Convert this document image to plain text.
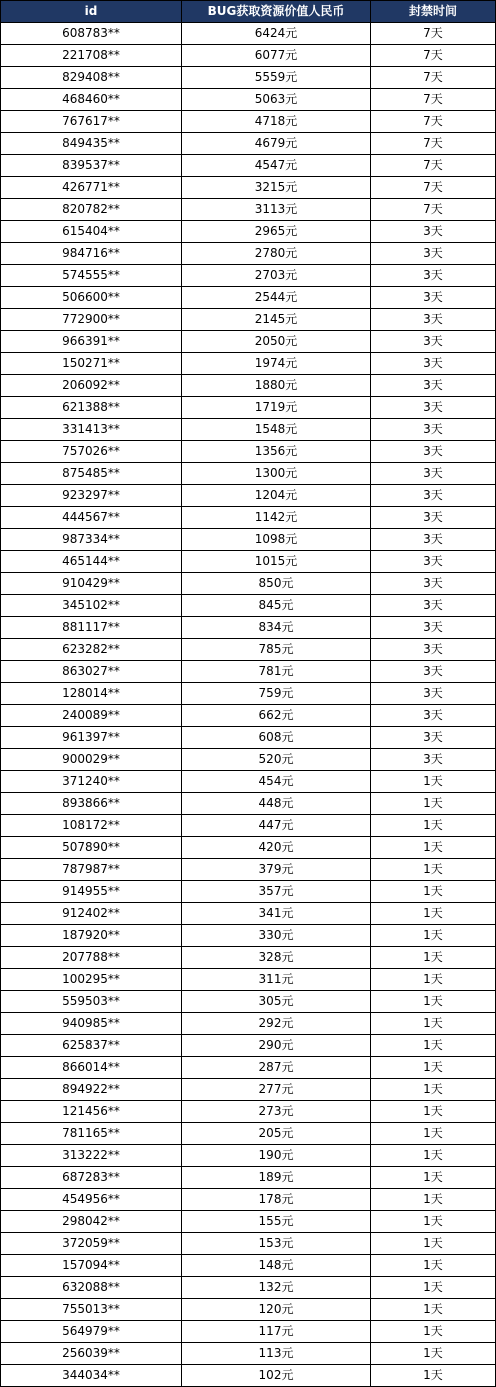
id	BUG获取资源价值人民币	封禁时间
608783**	6424元	7天
221708**	6077元	7天
829408**	5559元	7天
468460**	5063元	7天
767617**	4718元	7天
849435**	4679元	7天
839537**	4547元	7天
426771**	3215元	7天
820782**	3113元	7天
615404**	2965元	3天
984716**	2780元	3天
574555**	2703元	3天
506600**	2544元	3天
772900**	2145元	3天
966391**	2050元	3天
150271**	1974元	3天
206092**	1880元	3天
621388**	1719元	3天
331413**	1548元	3天
757026**	1356元	3天
875485**	1300元	3天
923297**	1204元	3天
444567**	1142元	3天
987334**	1098元	3天
465144**	1015元	3天
910429**	850元	3天
345102**	845元	3天
881117**	834元	3天
623282**	785元	3天
863027**	781元	3天
128014**	759元	3天
240089**	662元	3天
961397**	608元	3天
900029**	520元	3天
371240**	454元	1天
893866**	448元	1天
108172**	447元	1天
507890**	420元	1天
787987**	379元	1天
914955**	357元	1天
912402**	341元	1天
187920**	330元	1天
207788**	328元	1天
100295**	311元	1天
559503**	305元	1天
940985**	292元	1天
625837**	290元	1天
866014**	287元	1天
894922**	277元	1天
121456**	273元	1天
781165**	205元	1天
313222**	190元	1天
687283**	189元	1天
454956**	178元	1天
298042**	155元	1天
372059**	153元	1天
157094**	148元	1天
632088**	132元	1天
755013**	120元	1天
564979**	117元	1天
256039**	113元	1天
344034**	102元	1天
